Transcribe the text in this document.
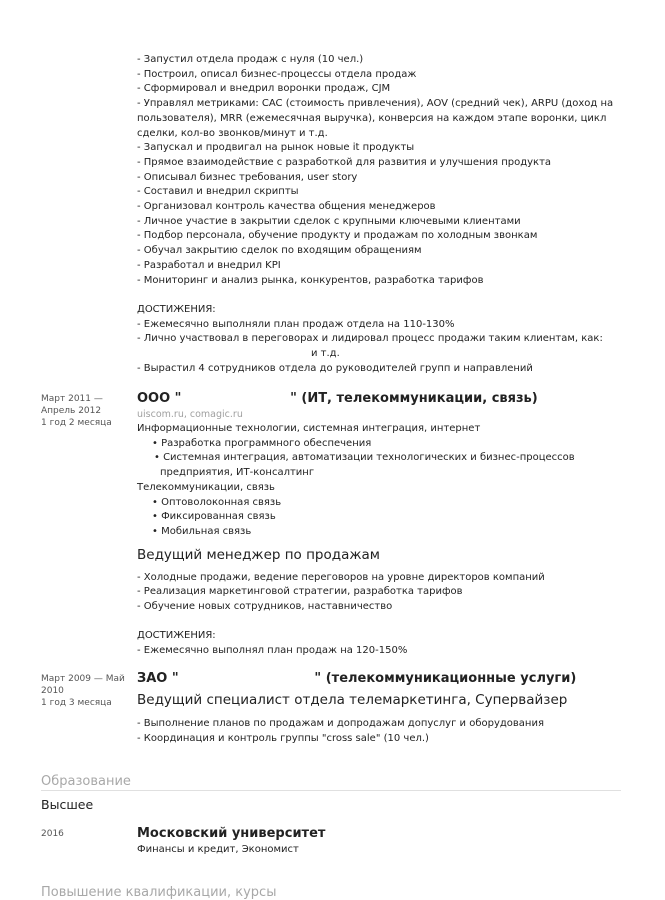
- Запустил отдела продаж с нуля (10 чел.)
- Построил, описал бизнес-процессы отдела продаж
- Сформировал и внедрил воронки продаж, CJM
- Управлял метриками: CAC (стоимость привлечения), AOV (средний чек), ARPU (доход на пользователя), MRR (ежемесячная выручка), конверсия на каждом этапе воронки, цикл сделки, кол-во звонков/минут и т.д.
- Запускал и продвигал на рынок новые it продукты
- Прямое взаимодействие с разработкой для развития и улучшения продукта
- Описывал бизнес требования, user story
- Составил и внедрил скрипты
- Организовал контроль качества общения менеджеров
- Личное участие в закрытии сделок с крупными ключевыми клиентами
- Подбор персонала, обучение продукту и продажам по холодным звонкам
- Обучал закрытию сделок по входящим обращениям
- Разработал и внедрил KPI
- Мониторинг и анализ рынка, конкурентов, разработка тарифов
ДОСТИЖЕНИЯ:
- Ежемесячно выполняли план продаж отдела на 110-130%
- Лично участвовал в переговорах и лидировал процесс продажи таким клиентам, как:
и т.д.
- Вырастил 4 сотрудников отдела до руководителей групп и направлений
Март 2011 —
Апрель 2012
1 год 2 месяца
ООО "                        " (ИТ, телекоммуникации, связь)
uiscom.ru, comagic.ru
Информационные технологии, системная интеграция, интернет
• Разработка программного обеспечения
• Системная интеграция, автоматизации технологических и бизнес-процессов предприятия, ИТ-консалтинг
Телекоммуникации, связь
• Оптоволоконная связь
• Фиксированная связь
• Мобильная связь
Ведущий менеджер по продажам
- Холодные продажи, ведение переговоров на уровне директоров компаний
- Реализация маркетинговой стратегии, разработка тарифов
- Обучение новых сотрудников, наставничество
ДОСТИЖЕНИЯ:
- Ежемесячно выполнял план продаж на 120-150%
Март 2009 — Май
2010
1 год 3 месяца
ЗАО "                              " (телекоммуникационные услуги)
Ведущий специалист отдела телемаркетинга, Супервайзер
- Выполнение планов по продажам и допродажам допуслуг и оборудования
- Координация и контроль группы "cross sale" (10 чел.)
Образование
Высшее
2016	Московский университет
Финансы и кредит, Экономист
Повышение квалификации, курсы
